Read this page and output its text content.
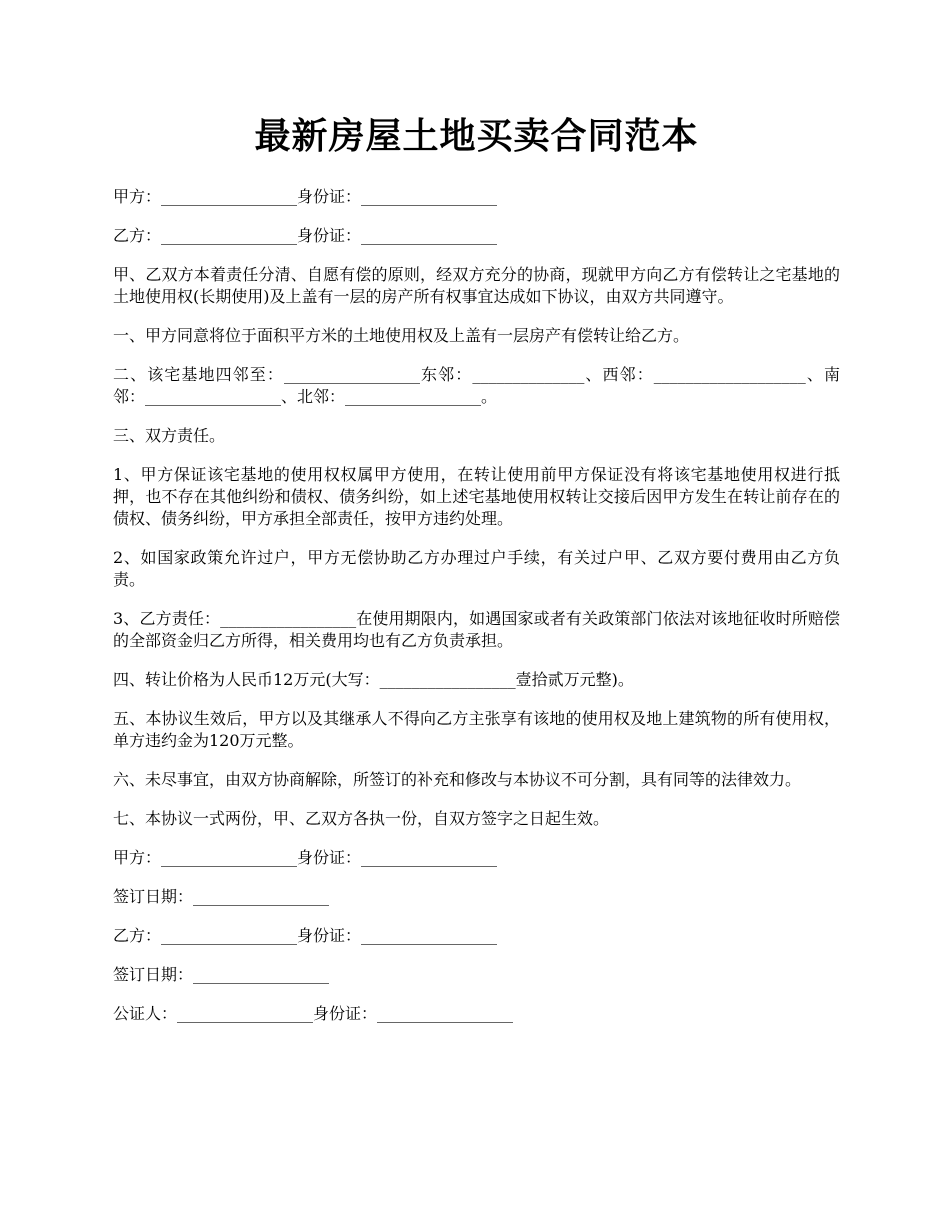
最新房屋土地买卖合同范本

甲方：_________________身份证：_________________

乙方：_________________身份证：_________________

甲、乙双方本着责任分清、自愿有偿的原则，经双方充分的协商，现就甲方向乙方有偿转让之宅基地的土地使用权(长期使用)及上盖有一层的房产所有权事宜达成如下协议，由双方共同遵守。

一、甲方同意将位于面积平方米的土地使用权及上盖有一层房产有偿转让给乙方。

二、该宅基地四邻至：_________________东邻：______________、西邻：___________________、南邻：_________________、北邻：_________________。

三、双方责任。

1、甲方保证该宅基地的使用权权属甲方使用，在转让使用前甲方保证没有将该宅基地使用权进行抵押，也不存在其他纠纷和债权、债务纠纷，如上述宅基地使用权转让交接后因甲方发生在转让前存在的债权、债务纠纷，甲方承担全部责任，按甲方违约处理。

2、如国家政策允许过户，甲方无偿协助乙方办理过户手续，有关过户甲、乙双方要付费用由乙方负责。

3、乙方责任：_________________在使用期限内，如遇国家或者有关政策部门依法对该地征收时所赔偿的全部资金归乙方所得，相关费用均也有乙方负责承担。

四、转让价格为人民币12万元(大写：_________________壹拾贰万元整)。

五、本协议生效后，甲方以及其继承人不得向乙方主张享有该地的使用权及地上建筑物的所有使用权，单方违约金为120万元整。

六、未尽事宜，由双方协商解除，所签订的补充和修改与本协议不可分割，具有同等的法律效力。

七、本协议一式两份，甲、乙双方各执一份，自双方签字之日起生效。

甲方：_________________身份证：_________________

签订日期：_________________

乙方：_________________身份证：_________________

签订日期：_________________

公证人：_________________身份证：_________________
